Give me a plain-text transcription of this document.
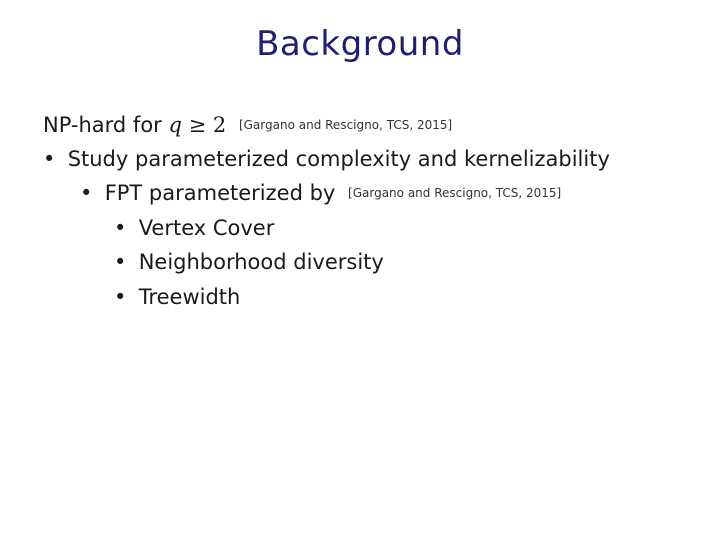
Background
NP-hard for q ≥ 2 [Gargano and Rescigno, TCS, 2015]
• Study parameterized complexity and kernelizability
• FPT parameterized by [Gargano and Rescigno, TCS, 2015]
• Vertex Cover
• Neighborhood diversity
• Treewidth
